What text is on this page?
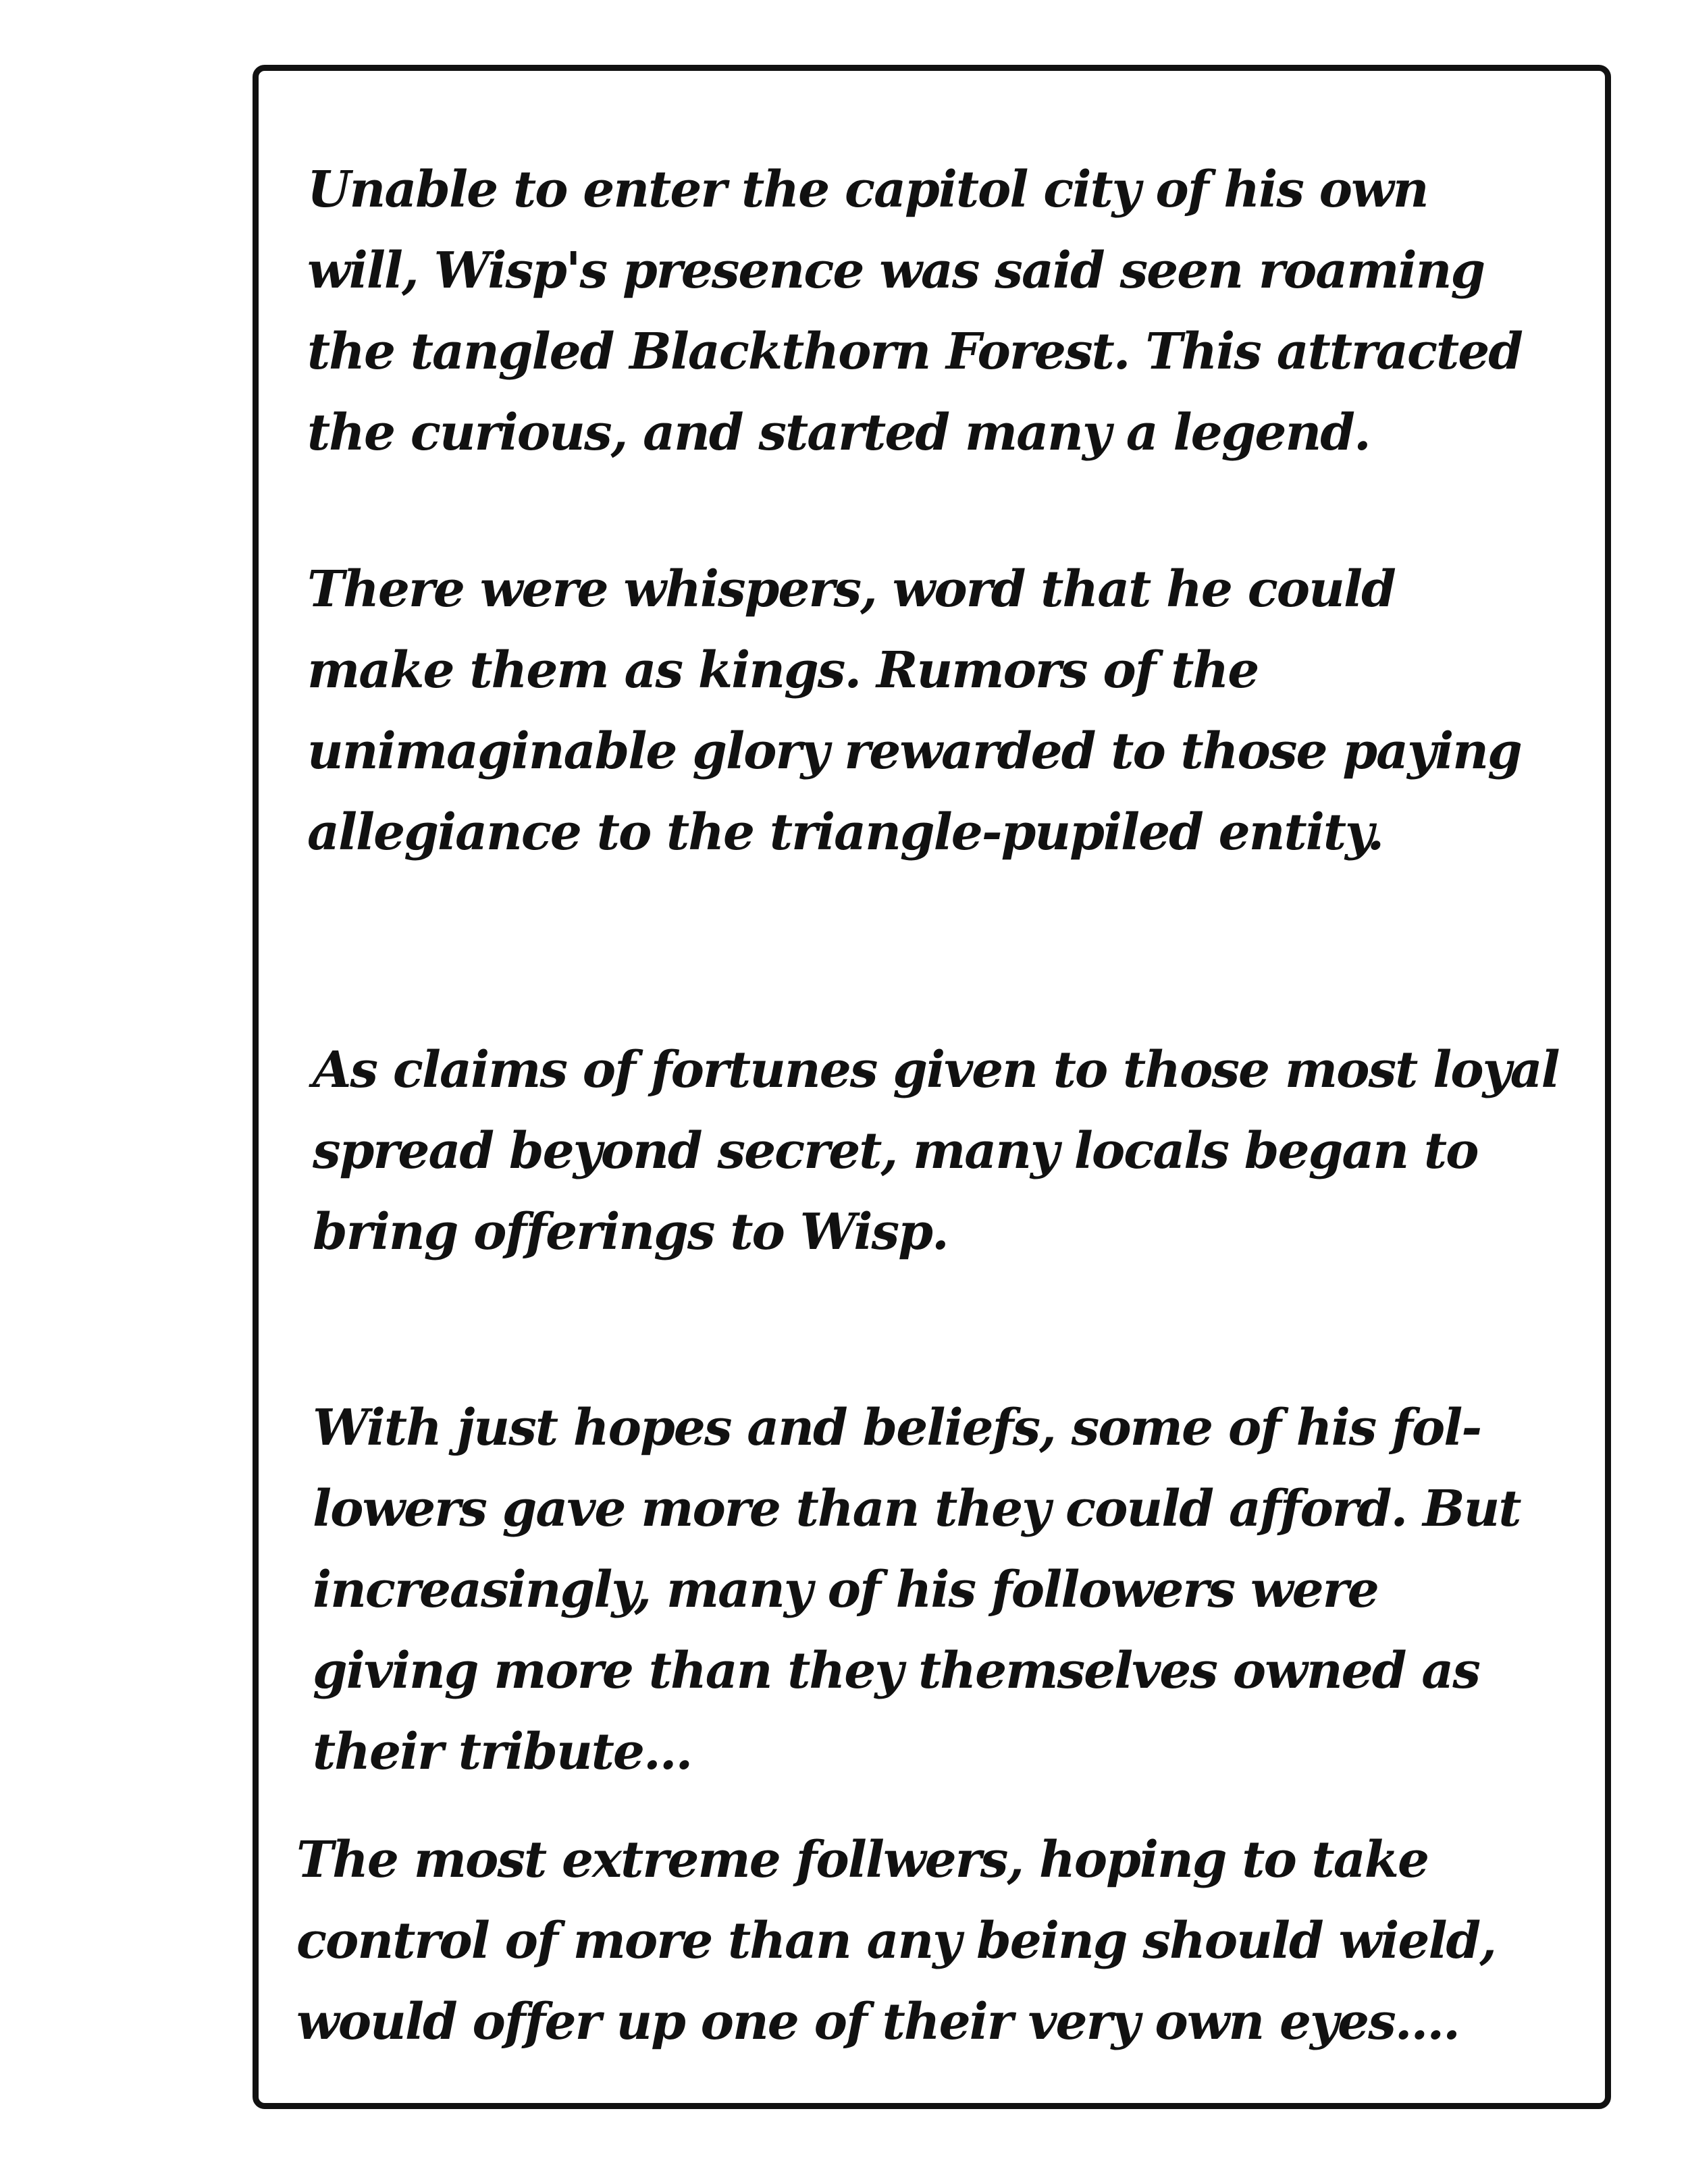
Unable to enter the capitol city of his own
will, Wisp's presence was said seen roaming
the tangled Blackthorn Forest. This attracted
the curious, and started many a legend.

There were whispers, word that he could
make them as kings. Rumors of the
unimaginable glory rewarded to those paying
allegiance to the triangle-pupiled entity.

As claims of fortunes given to those most loyal
spread beyond secret, many locals began to
bring offerings to Wisp.

With just hopes and beliefs, some of his fol-
lowers gave more than they could afford. But
increasingly, many of his followers were
giving more than they themselves owned as
their tribute...

The most extreme follwers, hoping to take
control of more than any being should wield,
would offer up one of their very own eyes....
